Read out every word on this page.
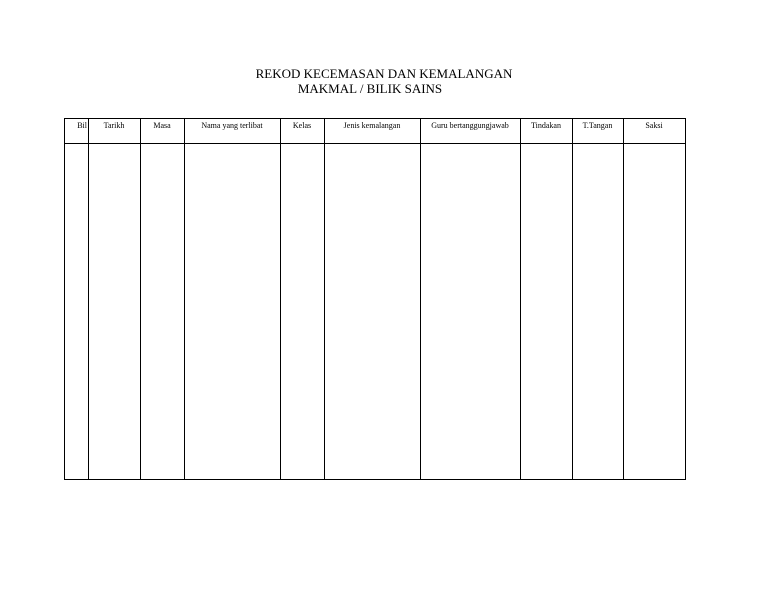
REKOD KECEMASAN DAN KEMALANGAN
MAKMAL / BILIK SAINS
Bil	Tarikh	Masa	Nama yang terlibat	Kelas	Jenis kemalangan	Guru bertanggungjawab	Tindakan	T.Tangan	Saksi
